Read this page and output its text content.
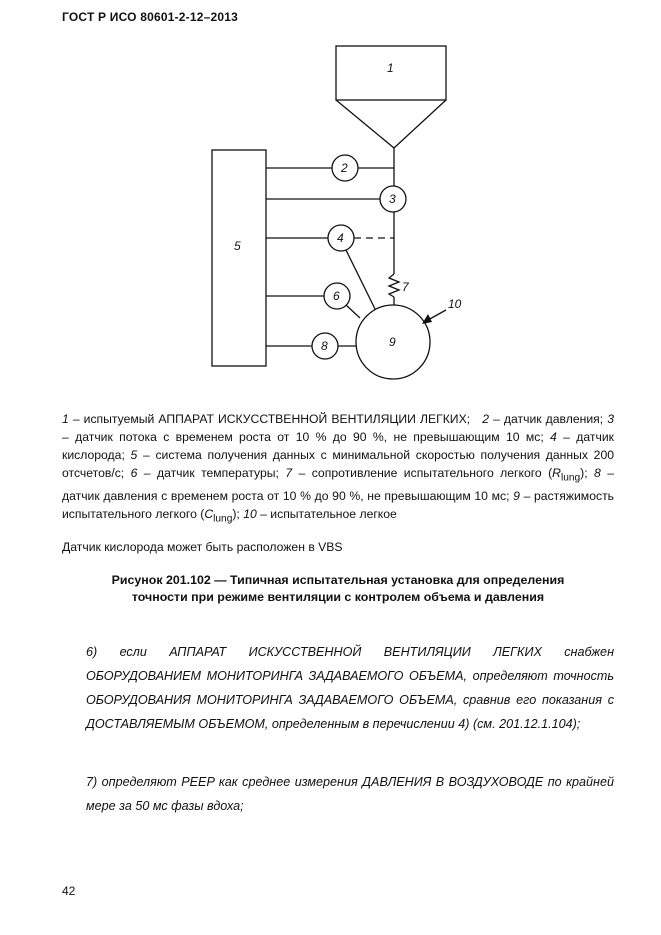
ГОСТ Р ИСО 80601-2-12–2013
1
2
3
4
5
6
7
8	9
10
1 – испытуемый АППАРАТ ИСКУССТВЕННОЙ ВЕНТИЛЯЦИИ ЛЕГКИХ; 2 – датчик давления; 3 – датчик потока с временем роста от 10 % до 90 %, не превышающим 10 мс; 4 – датчик кислорода; 5 – система получения данных с минимальной скоростью получения данных 200 отсчетов/с; 6 – датчик температуры; 7 – сопротивление испытательного легкого $(R_{lung})$; 8 – датчик давления с временем роста от 10 % до 90 %, не превышающим 10 мс; 9 – растяжимость испытательного легкого $(C_{lung})$; 10 – испытательное легкое
Датчик кислорода может быть расположен в VBS
Рисунок 201.102 — Типичная испытательная установка для определения
точности при режиме вентиляции с контролем объема и давления
6) если АППАРАТ ИСКУССТВЕННОЙ ВЕНТИЛЯЦИИ ЛЕГКИХ снабжен ОБОРУДОВАНИЕМ МОНИТОРИНГА ЗАДАВАЕМОГО ОБЪЕМА, определяют точность ОБОРУДОВАНИЯ МОНИТОРИНГА ЗАДАВАЕМОГО ОБЪЕМА, сравнив его показания с ДОСТАВЛЯЕМЫМ ОБЪЕМОМ, определенным в перечислении 4) (см. 201.12.1.104);
7) определяют PEEP как среднее измерения ДАВЛЕНИЯ В ВОЗДУХОВОДЕ по крайней мере за 50 мс фазы вдоха;
42
